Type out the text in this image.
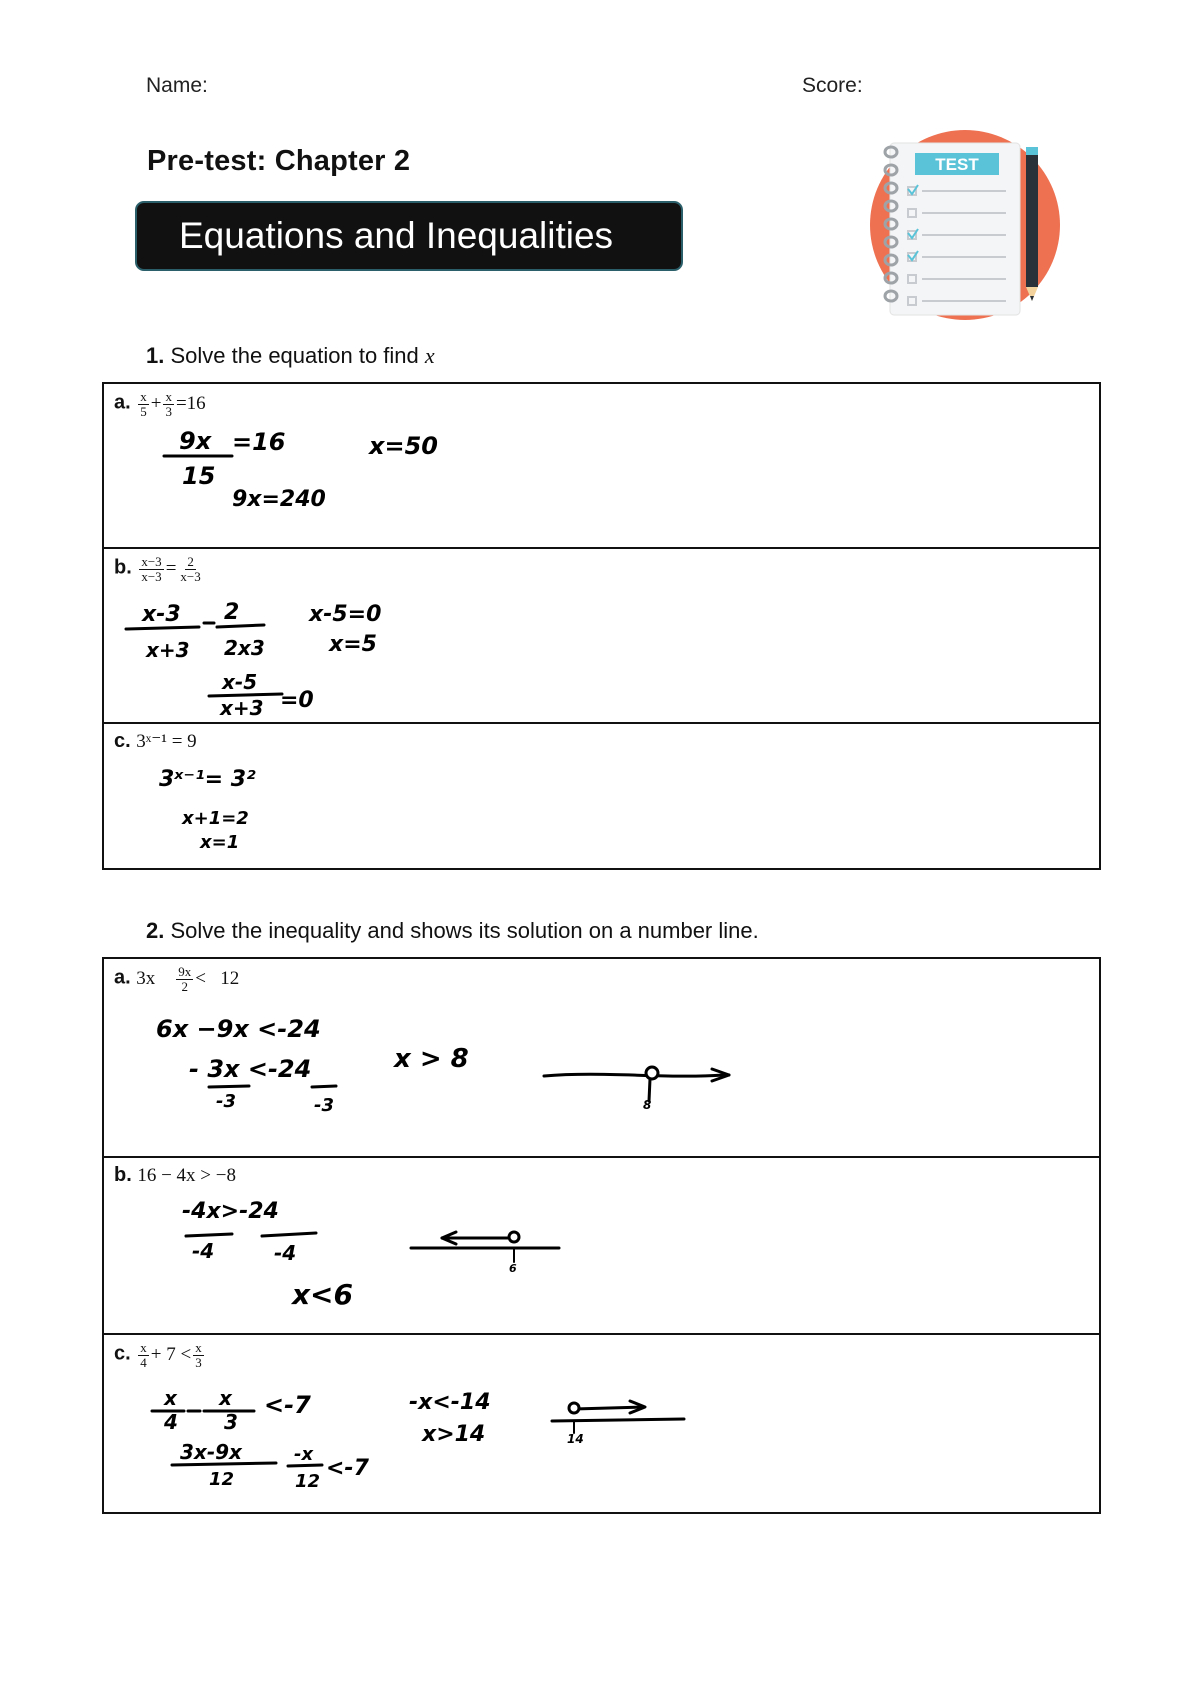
Name:	Score:
Pre-test: Chapter 2
Equations and Inequalities
TEST
1. Solve the equation to find x
a. $\frac{x}{5} + \frac{x}{3} =16$
9x =16
15
9x=240
x=50
b. $\frac{x-3}{x-3} = \frac{2}{x-3}$
x-3 2
x+3 2x3
x-5=0
x=5
x-5
x+3 =0
c. 3ˣ⁻¹ = 9
3ˣ⁻¹= 3²
x+1=2
x=1
2. Solve the inequality and shows its solution on a number line.
a. $3x \frac{9x}{2} < 12$
6x −9x <-24
- 3x <-24
-3	-3
x > 8
8
b. 16 − 4x > −8
-4x>-24
-4	-4
x<6
6
c. $\frac{x}{4} + 7 < \frac{x}{3}$
x
4
x
3
<-7
3x-9x
12
-x
12
<-7
-x<-14
x>14	14
